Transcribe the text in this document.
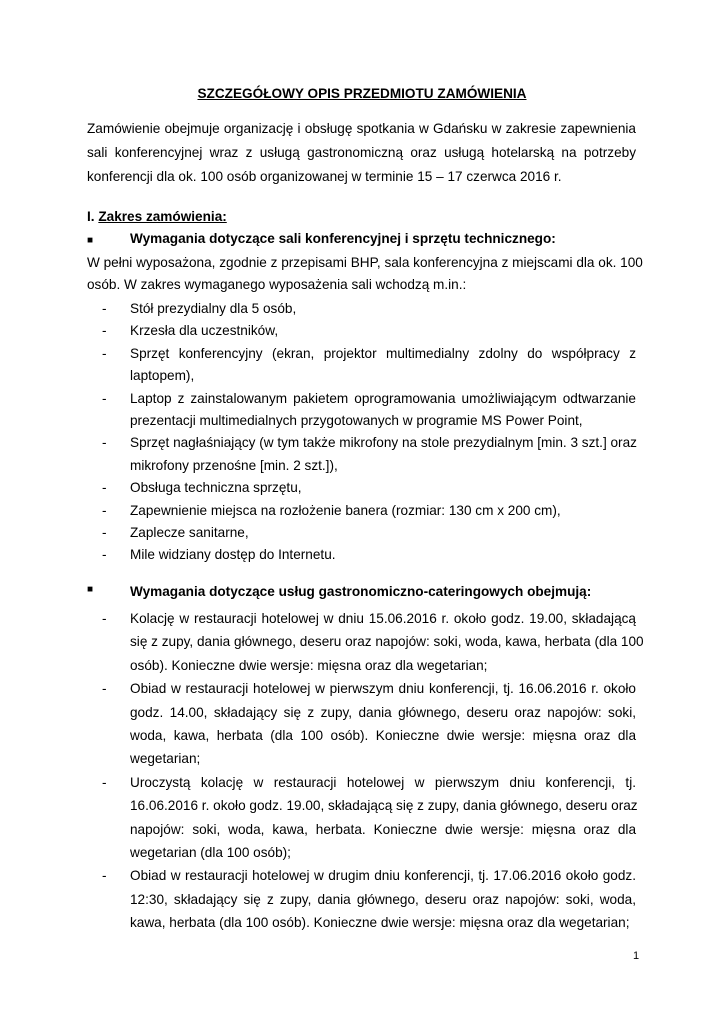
SZCZEGÓŁOWY OPIS PRZEDMIOTU ZAMÓWIENIA
Zamówienie obejmuje organizację i obsługę spotkania w Gdańsku w zakresie zapewnienia
sali konferencyjnej wraz z usługą gastronomiczną oraz usługą hotelarską na potrzeby
konferencji dla ok. 100 osób organizowanej w terminie 15 – 17 czerwca 2016 r.
I. Zakres zamówienia:
■	Wymagania dotyczące sali konferencyjnej i sprzętu technicznego:
W pełni wyposażona, zgodnie z przepisami BHP, sala konferencyjna z miejscami dla ok. 100
osób. W zakres wymaganego wyposażenia sali wchodzą m.in.:
- Stół prezydialny dla 5 osób,
- Krzesła dla uczestników,
- Sprzęt konferencyjny (ekran, projektor multimedialny zdolny do współpracy z
laptopem),
- Laptop z zainstalowanym pakietem oprogramowania umożliwiającym odtwarzanie
prezentacji multimedialnych przygotowanych w programie MS Power Point,
- Sprzęt nagłaśniający (w tym także mikrofony na stole prezydialnym [min. 3 szt.] oraz
mikrofony przenośne [min. 2 szt.]),
- Obsługa techniczna sprzętu,
- Zapewnienie miejsca na rozłożenie banera (rozmiar: 130 cm x 200 cm),
- Zaplecze sanitarne,
- Mile widziany dostęp do Internetu.
■	Wymagania dotyczące usług gastronomiczno-cateringowych obejmują:
- Kolację w restauracji hotelowej w dniu 15.06.2016 r. około godz. 19.00, składającą
się z zupy, dania głównego, deseru oraz napojów: soki, woda, kawa, herbata (dla 100
osób). Konieczne dwie wersje: mięsna oraz dla wegetarian;
- Obiad w restauracji hotelowej w pierwszym dniu konferencji, tj. 16.06.2016 r. około
godz. 14.00, składający się z zupy, dania głównego, deseru oraz napojów: soki,
woda, kawa, herbata (dla 100 osób). Konieczne dwie wersje: mięsna oraz dla
wegetarian;
- Uroczystą kolację w restauracji hotelowej w pierwszym dniu konferencji, tj.
16.06.2016 r. około godz. 19.00, składającą się z zupy, dania głównego, deseru oraz
napojów: soki, woda, kawa, herbata. Konieczne dwie wersje: mięsna oraz dla
wegetarian (dla 100 osób);
- Obiad w restauracji hotelowej w drugim dniu konferencji, tj. 17.06.2016 około godz.
12:30, składający się z zupy, dania głównego, deseru oraz napojów: soki, woda,
kawa, herbata (dla 100 osób). Konieczne dwie wersje: mięsna oraz dla wegetarian;
1
